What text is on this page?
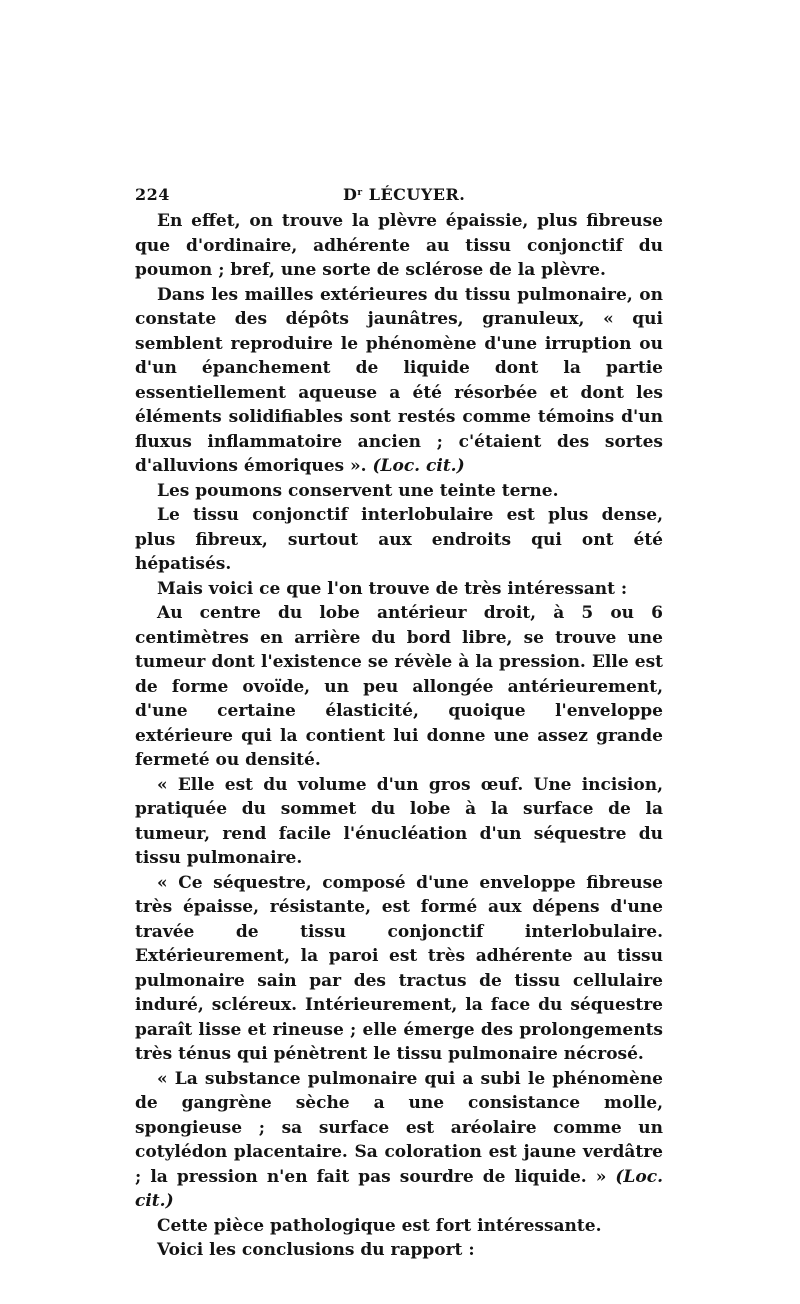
224	$D^r$ LÉCUYER.

En effet, on trouve la plèvre épaissie, plus fibreuse que d'ordinaire, adhérente au tissu conjonctif du poumon ; bref, une sorte de sclérose de la plèvre.

Dans les mailles extérieures du tissu pulmonaire, on constate des dépôts jaunâtres, granuleux, « qui semblent reproduire le phénomène d'une irruption ou d'un épanchement de liquide dont la partie essentiellement aqueuse a été résorbée et dont les éléments solidifiables sont restés comme témoins d'un fluxus inflammatoire ancien ; c'étaient des sortes d'alluvions émoriques ». (Loc. cit.)

Les poumons conservent une teinte terne.

Le tissu conjonctif interlobulaire est plus dense, plus fibreux, surtout aux endroits qui ont été hépatisés.

Mais voici ce que l'on trouve de très intéressant :

Au centre du lobe antérieur droit, à 5 ou 6 centimètres en arrière du bord libre, se trouve une tumeur dont l'existence se révèle à la pression. Elle est de forme ovoïde, un peu allongée antérieurement, d'une certaine élasticité, quoique l'enveloppe extérieure qui la contient lui donne une assez grande fermeté ou densité.

« Elle est du volume d'un gros œuf. Une incision, pratiquée du sommet du lobe à la surface de la tumeur, rend facile l'énucléation d'un séquestre du tissu pulmonaire.

« Ce séquestre, composé d'une enveloppe fibreuse très épaisse, résistante, est formé aux dépens d'une travée de tissu conjonctif interlobulaire. Extérieurement, la paroi est très adhérente au tissu pulmonaire sain par des tractus de tissu cellulaire induré, scléreux. Intérieurement, la face du séquestre paraît lisse et rineuse ; elle émerge des prolongements très ténus qui pénètrent le tissu pulmonaire nécrosé.

« La substance pulmonaire qui a subi le phénomène de gangrène sèche a une consistance molle, spongieuse ; sa surface est aréolaire comme un cotylédon placentaire. Sa coloration est jaune verdâtre ; la pression n'en fait pas sourdre de liquide. » (Loc. cit.)

Cette pièce pathologique est fort intéressante.

Voici les conclusions du rapport :
